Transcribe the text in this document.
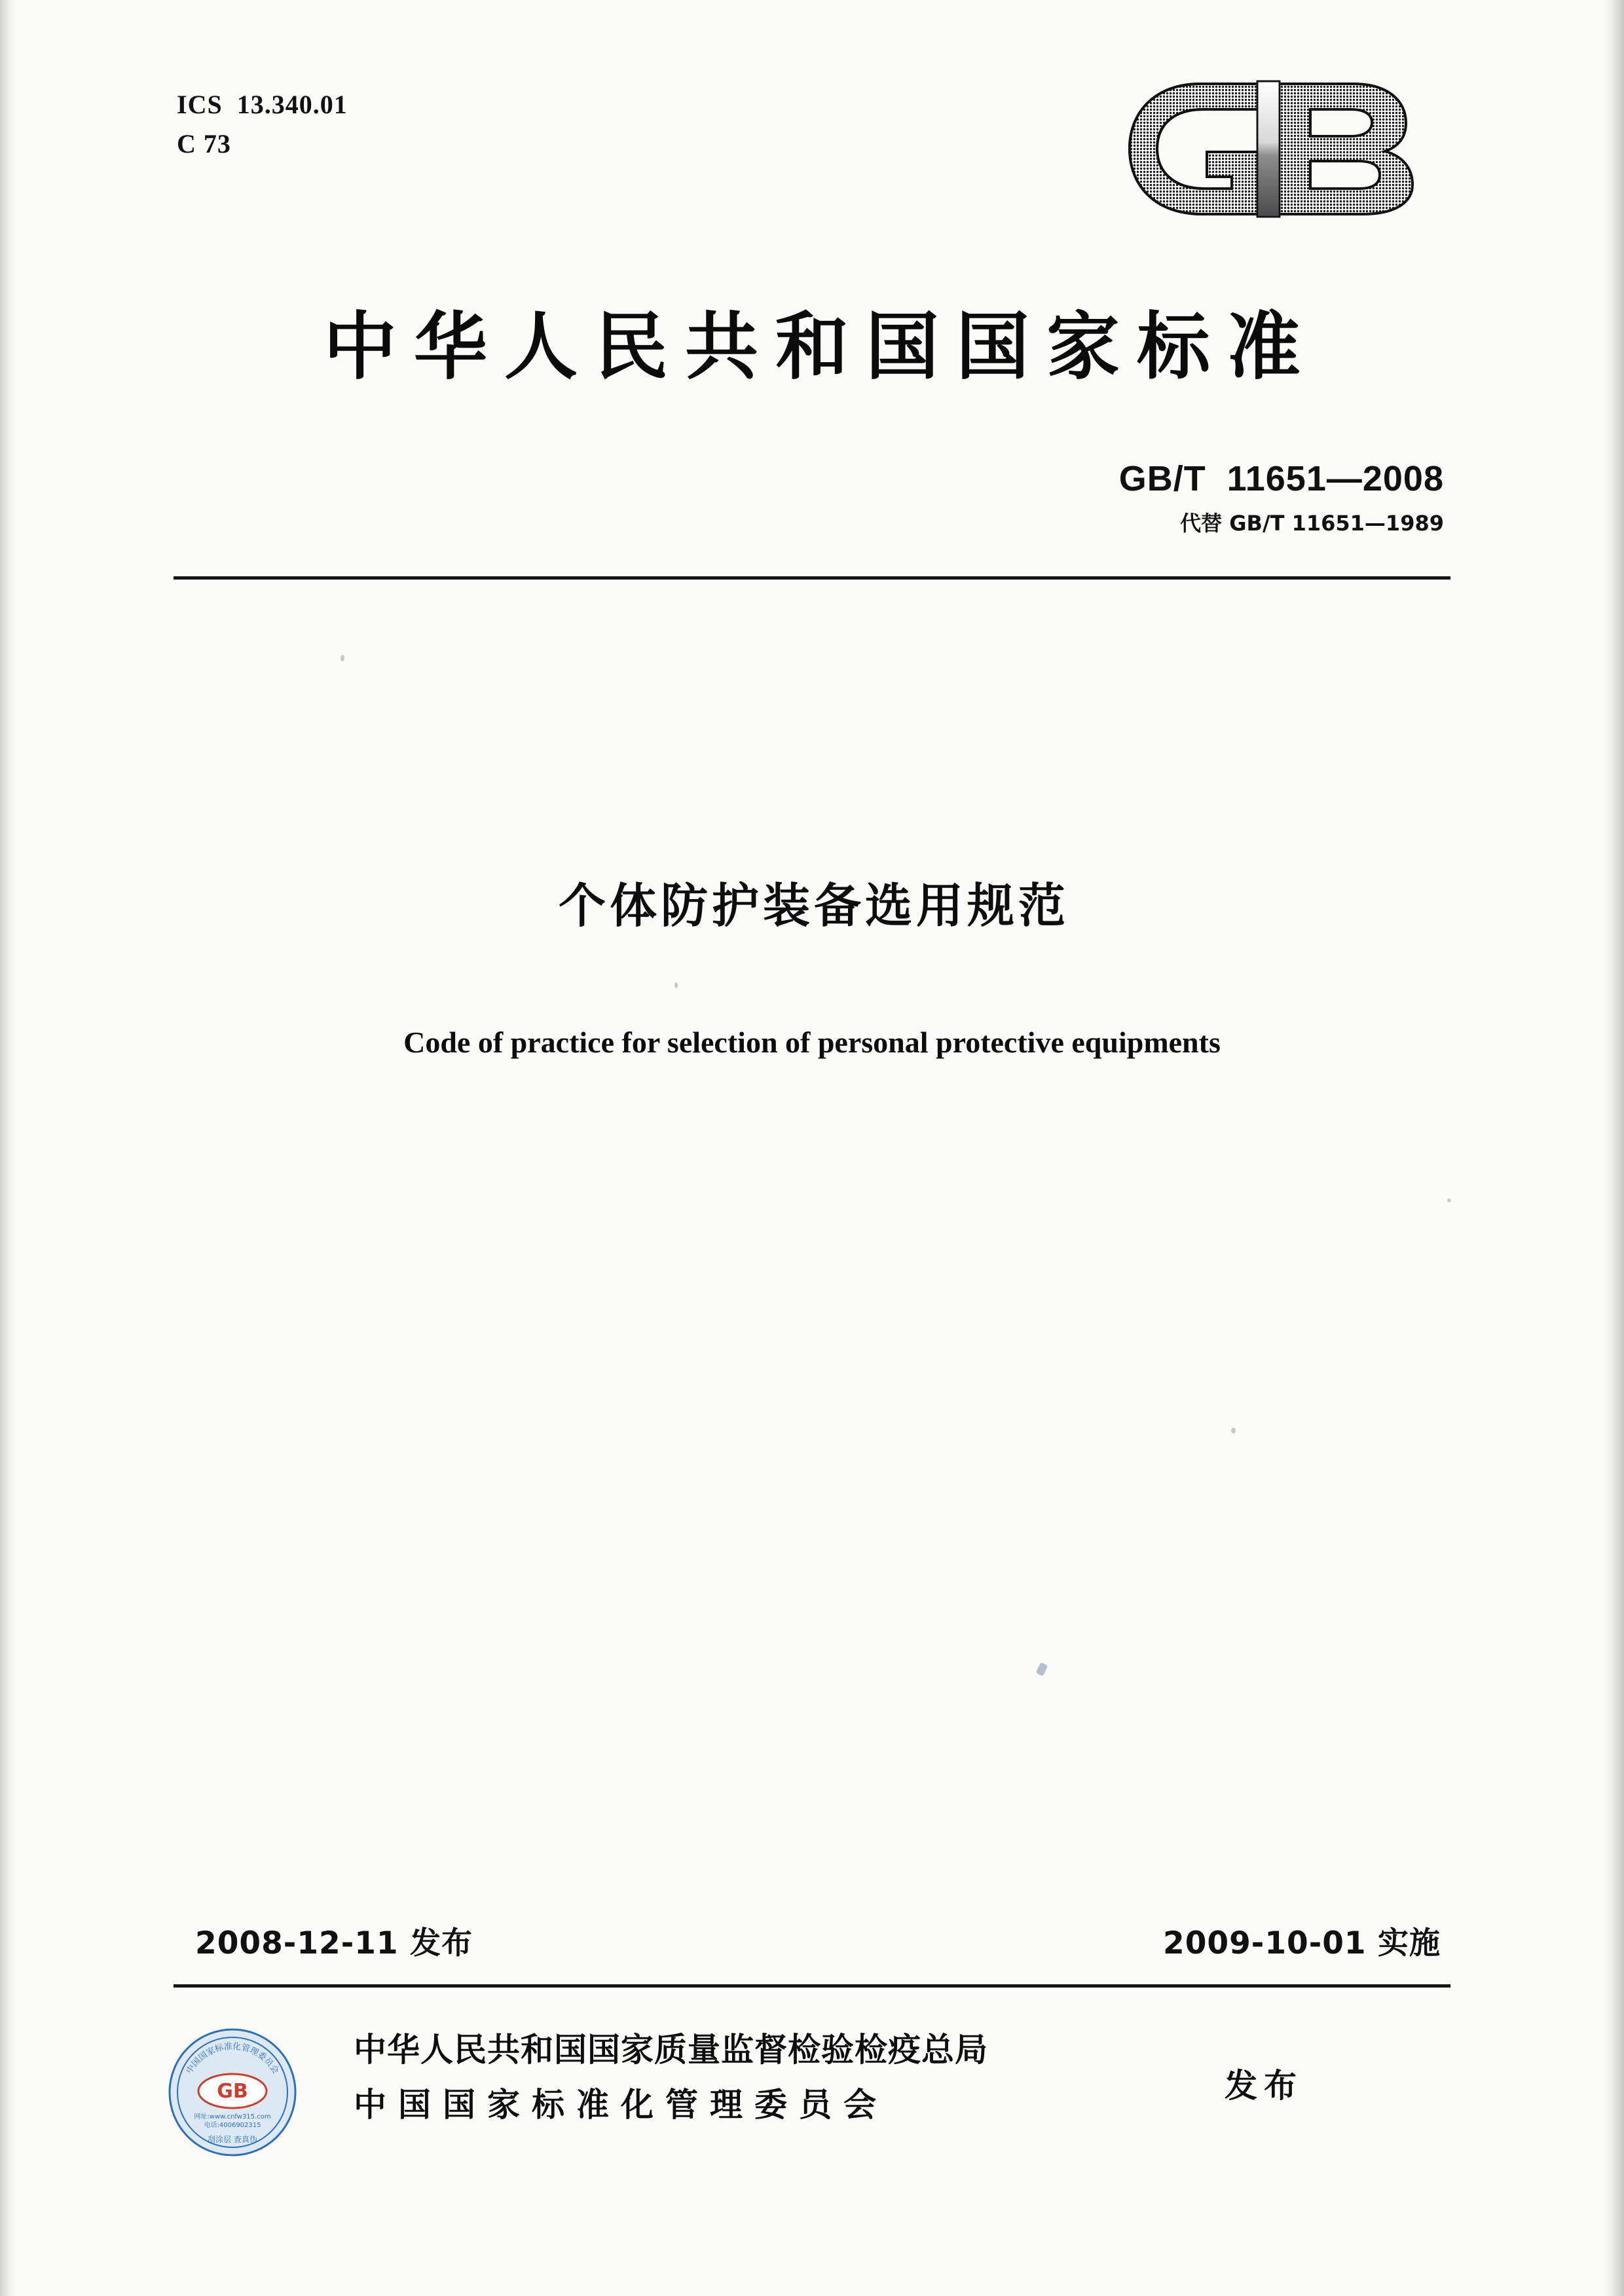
ICS  13.340.01
C 73
中华人民共和国国家标准
GB/T  11651—2008
代替 GB/T 11651—1989
个体防护装备选用规范
Code of practice for selection of personal protective equipments
2008-12-11 发布	2009-10-01 实施
中国国家标准化管理委员会
GB
网址:www.cnfw315.com
电话:4006902315
刮涂层 查真伪
中华人民共和国国家质量监督检验检疫总局
中国国家标准化管理委员会	发布
